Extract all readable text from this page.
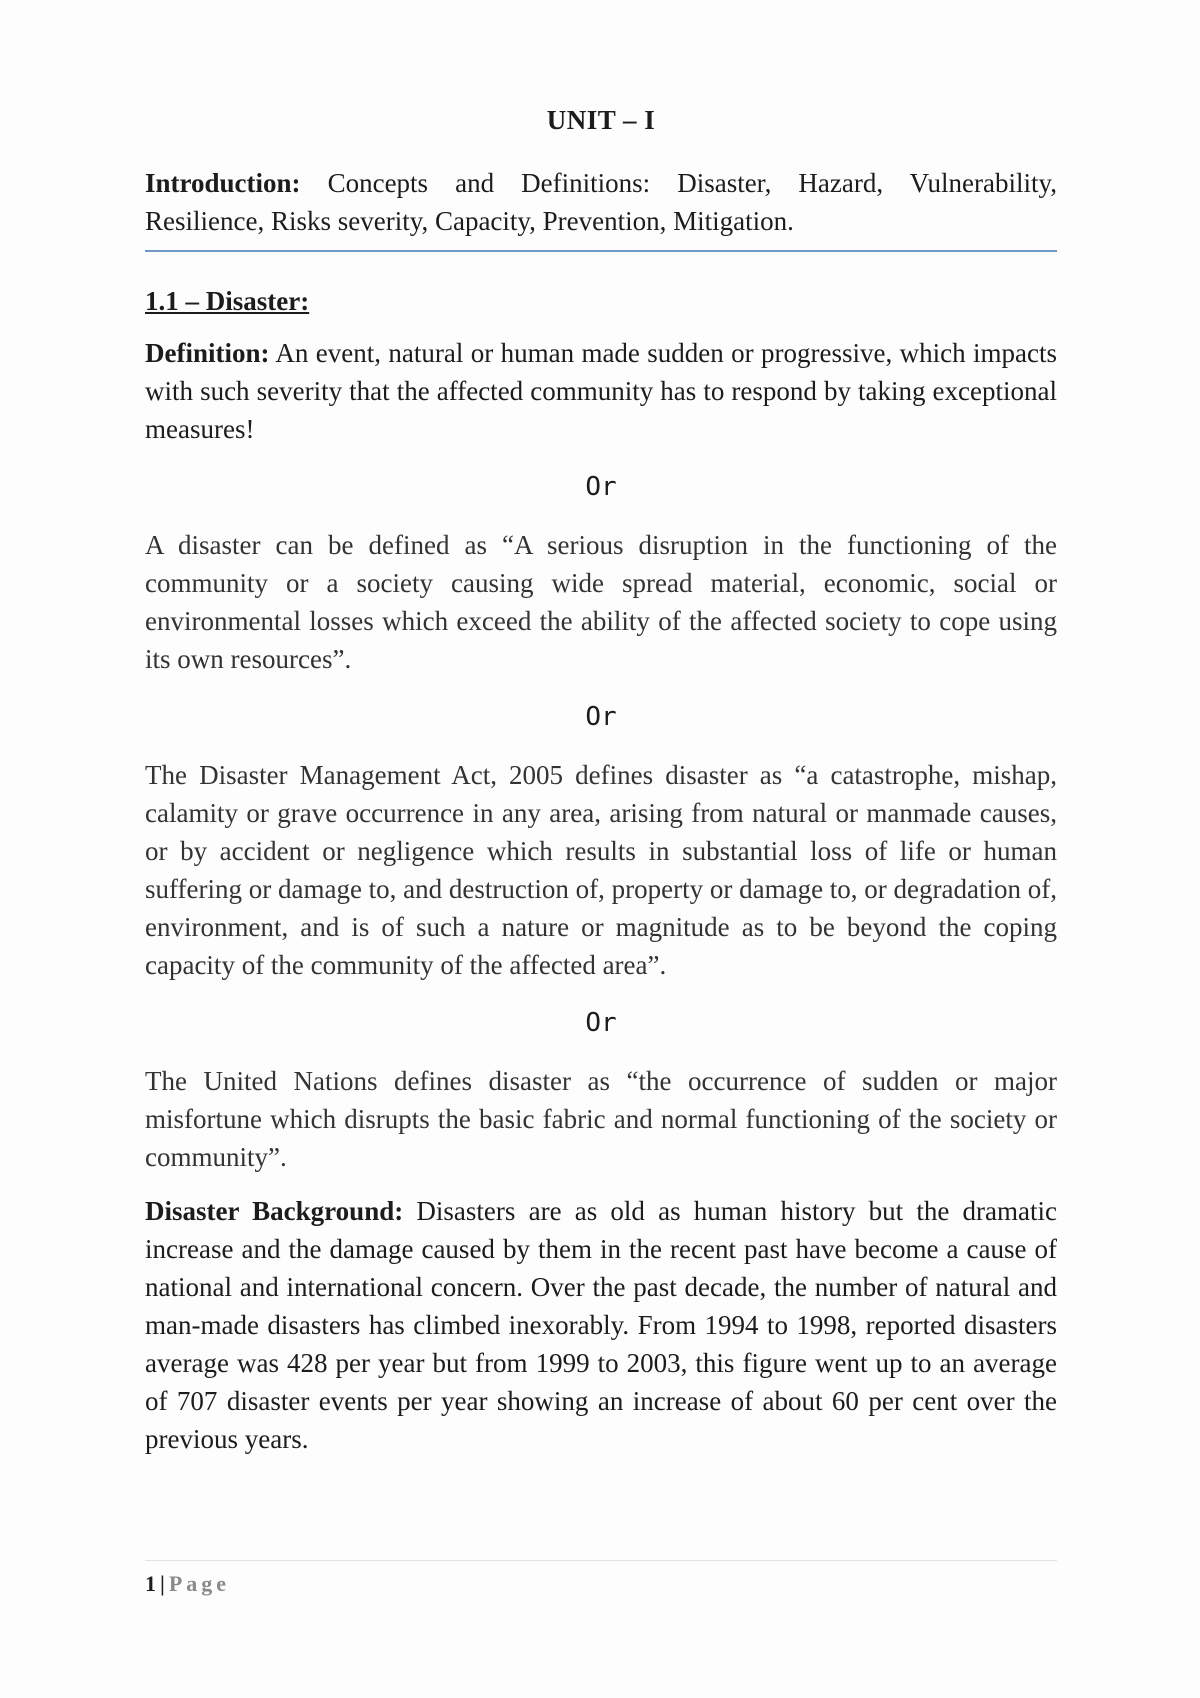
UNIT – I

Introduction: Concepts and Definitions: Disaster, Hazard, Vulnerability, Resilience, Risks severity, Capacity, Prevention, Mitigation.

1.1 – Disaster:

Definition: An event, natural or human made sudden or progressive, which impacts with such severity that the affected community has to respond by taking exceptional measures!

Or

A disaster can be defined as “A serious disruption in the functioning of the community or a society causing wide spread material, economic, social or environmental losses which exceed the ability of the affected society to cope using its own resources”.

Or

The Disaster Management Act, 2005 defines disaster as “a catastrophe, mishap, calamity or grave occurrence in any area, arising from natural or manmade causes, or by accident or negligence which results in substantial loss of life or human suffering or damage to, and destruction of, property or damage to, or degradation of, environment, and is of such a nature or magnitude as to be beyond the coping capacity of the community of the affected area”.

Or

The United Nations defines disaster as “the occurrence of sudden or major misfortune which disrupts the basic fabric and normal functioning of the society or community”.

Disaster Background: Disasters are as old as human history but the dramatic increase and the damage caused by them in the recent past have become a cause of national and international concern. Over the past decade, the number of natural and man-made disasters has climbed inexorably. From 1994 to 1998, reported disasters average was 428 per year but from 1999 to 2003, this figure went up to an average of 707 disaster events per year showing an increase of about 60 per cent over the previous years.

1 | Page
